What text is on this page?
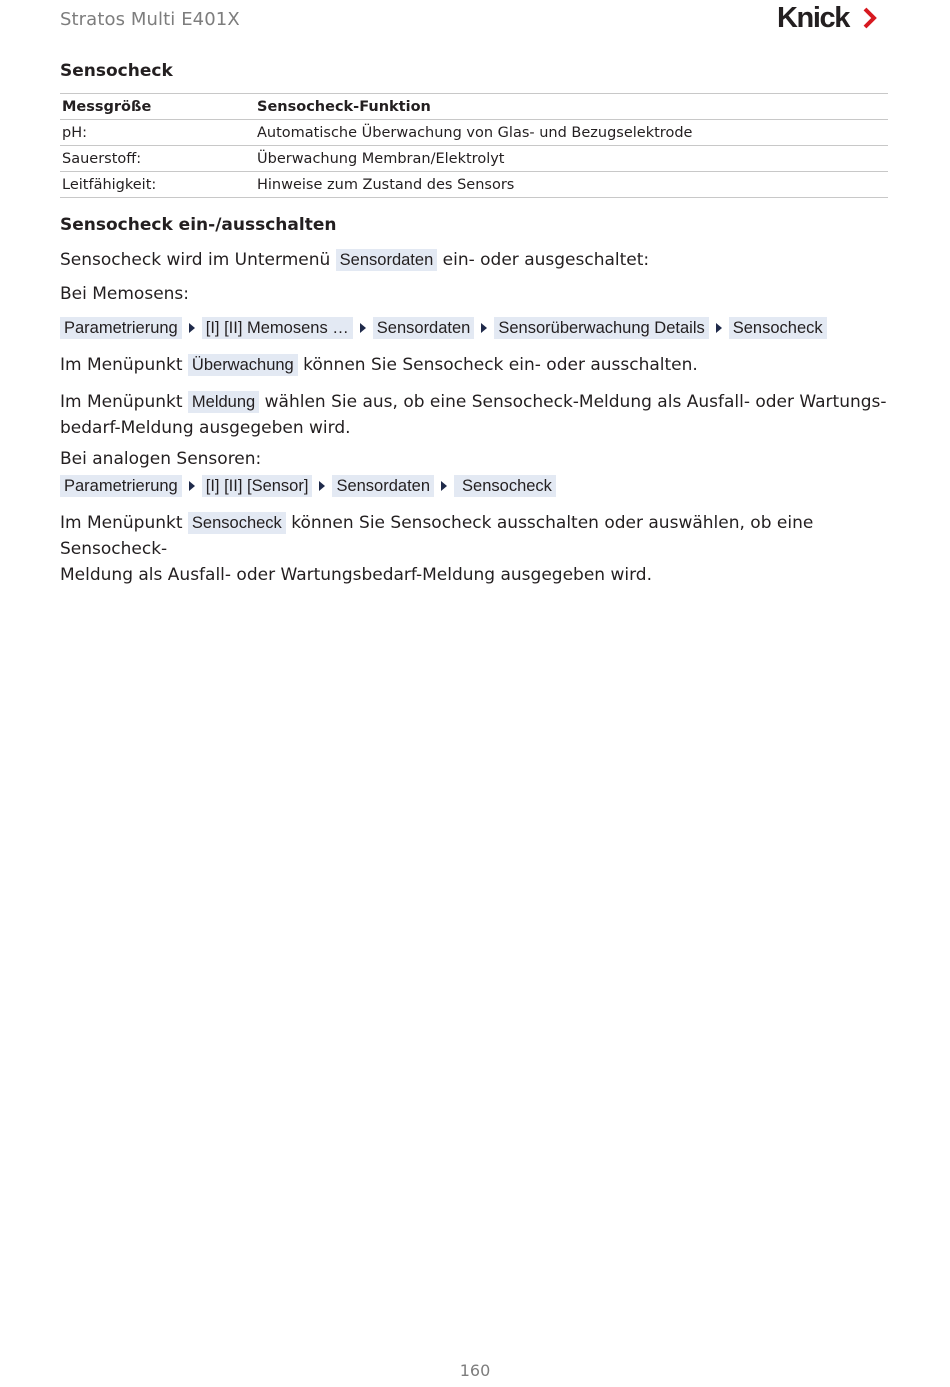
Stratos Multi E401X	Knick
Sensocheck
Messgröße	Sensocheck-Funktion
pH:	Automatische Überwachung von Glas- und Bezugselektrode
Sauerstoff:	Überwachung Membran/Elektrolyt
Leitfähigkeit:	Hinweise zum Zustand des Sensors
Sensocheck ein-/ausschalten
Sensocheck wird im Untermenü Sensordaten ein- oder ausgeschaltet:
Bei Memosens:
Parametrierung [I] [II] Memosens … Sensordaten Sensorüberwachung Details Sensocheck
Im Menüpunkt Überwachung können Sie Sensocheck ein- oder ausschalten.
Im Menüpunkt Meldung wählen Sie aus, ob eine Sensocheck-Meldung als Ausfall- oder Wartungs-
bedarf-Meldung ausgegeben wird.
Bei analogen Sensoren:
Parametrierung [I] [II] [Sensor] Sensordaten	Sensocheck
Im Menüpunkt Sensocheck können Sie Sensocheck ausschalten oder auswählen, ob eine Sensocheck-
Meldung als Ausfall- oder Wartungsbedarf-Meldung ausgegeben wird.
160
